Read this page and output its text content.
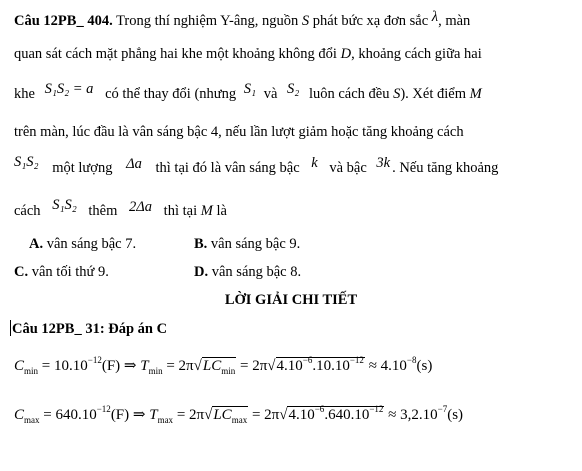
Câu 12PB_ 404. Trong thí nghiệm Y-âng, nguồn S phát bức xạ đơn sắc λ, màn
quan sát cách mặt phẳng hai khe một khoảng không đổi D, khoảng cách giữa hai
khe S₁S₂ = a có thể thay đổi (nhưng S₁ và S₂ luôn cách đều S). Xét điểm M
trên màn, lúc đầu là vân sáng bậc 4, nếu lần lượt giảm hoặc tăng khoảng cách
S₁S₂ một lượng Δa thì tại đó là vân sáng bậc k và bậc 3k . Nếu tăng khoảng
cách S₁S₂ thêm 2Δa thì tại M là
A. vân sáng bậc 7.	B. vân sáng bậc 9.
C. vân tối thứ 9.	D. vân sáng bậc 8.
LỜI GIẢI CHI TIẾT
Câu 12PB_ 31: Đáp án C
$C_{min} = 10.10^{-12}(F)$ ⇒ $T_{min} = 2\pi√LC_{min} = 2\pi√4.10^{-6}.10.10^{-12} \approx 4.10^{-8}(s)$
$C_{max} = 640.10^{-12}(F)$ ⇒ $T_{max} = 2\pi√LC_{max} = 2\pi√4.10^{-6}.640.10^{-12} \approx 3,2.10^{-7}(s)$
